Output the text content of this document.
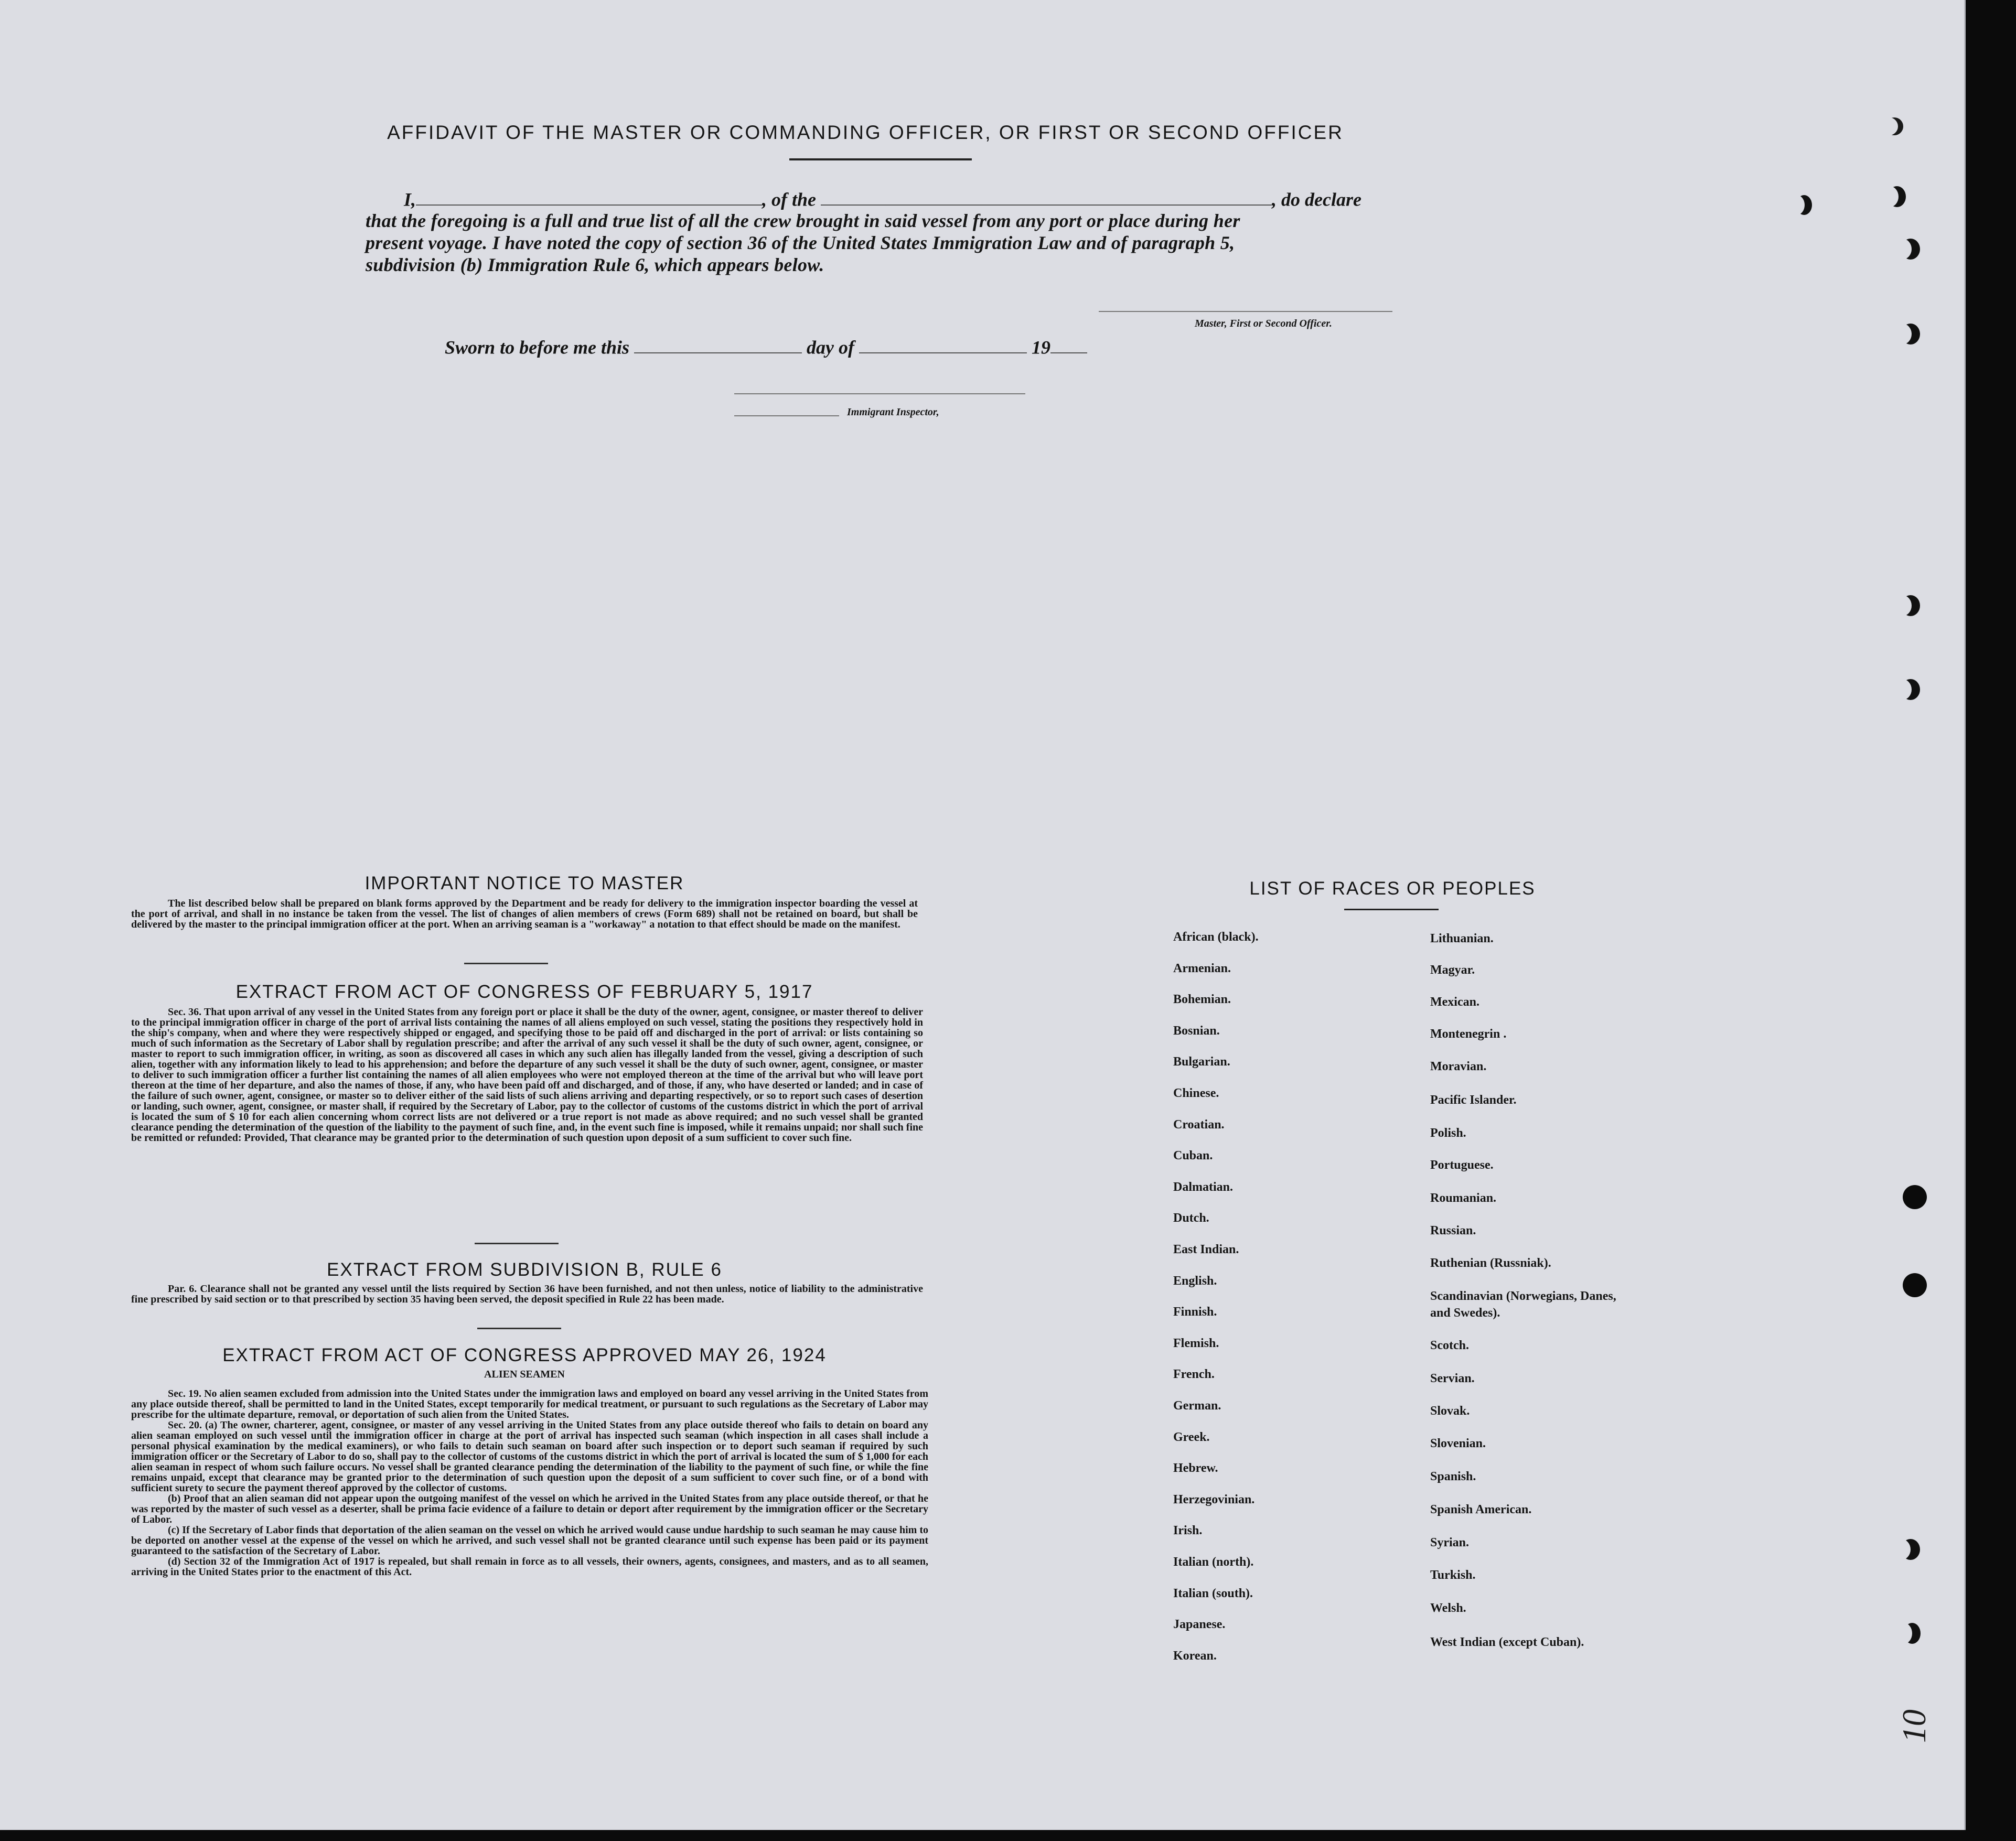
AFFIDAVIT OF THE MASTER OR COMMANDING OFFICER, OR FIRST OR SECOND OFFICER
I,	, of the	, do declare
that the foregoing is a full and true list of all the crew brought in said vessel from any port or place during her
present voyage. I have noted the copy of section 36 of the United States Immigration Law and of paragraph 5,
subdivision (b) Immigration Rule 6, which appears below.
Master, First or Second Officer.
Sworn to before me this	day of	19
Immigrant Inspector,
IMPORTANT NOTICE TO MASTER

The list described below shall be prepared on blank forms approved by the Department and be ready for delivery to the immigration inspector boarding the vessel at the port of arrival, and shall in no instance be taken from the vessel. The list of changes of alien members of crews (Form 689) shall not be retained on board, but shall be delivered by the master to the principal immigration officer at the port. When an arriving seaman is a "workaway" a notation to that effect should be made on the manifest.

EXTRACT FROM ACT OF CONGRESS OF FEBRUARY 5, 1917

Sec. 36. That upon arrival of any vessel in the United States from any foreign port or place it shall be the duty of the owner, agent, consignee, or master thereof to deliver to the principal immigration officer in charge of the port of arrival lists containing the names of all aliens employed on such vessel, stating the positions they respectively hold in the ship's company, when and where they were respectively shipped or engaged, and specifying those to be paid off and discharged in the port of arrival: or lists containing so much of such information as the Secretary of Labor shall by regulation prescribe; and after the arrival of any such vessel it shall be the duty of such owner, agent, consignee, or master to report to such immigration officer, in writing, as soon as discovered all cases in which any such alien has illegally landed from the vessel, giving a description of such alien, together with any information likely to lead to his apprehension; and before the departure of any such vessel it shall be the duty of such owner, agent, consignee, or master to deliver to such immigration officer a further list containing the names of all alien employees who were not employed thereon at the time of the arrival but who will leave port thereon at the time of her departure, and also the names of those, if any, who have been paid off and discharged, and of those, if any, who have deserted or landed; and in case of the failure of such owner, agent, consignee, or master so to deliver either of the said lists of such aliens arriving and departing respectively, or so to report such cases of desertion or landing, such owner, agent, consignee, or master shall, if required by the Secretary of Labor, pay to the collector of customs of the customs district in which the port of arrival is located the sum of $ 10 for each alien concerning whom correct lists are not delivered or a true report is not made as above required; and no such vessel shall be granted clearance pending the determination of the question of the liability to the payment of such fine, and, in the event such fine is imposed, while it remains unpaid; nor shall such fine be remitted or refunded: Provided, That clearance may be granted prior to the determination of such question upon deposit of a sum sufficient to cover such fine.

EXTRACT FROM SUBDIVISION B, RULE 6

Par. 6. Clearance shall not be granted any vessel until the lists required by Section 36 have been furnished, and not then unless, notice of liability to the administrative fine prescribed by said section or to that prescribed by section 35 having been served, the deposit specified in Rule 22 has been made.

EXTRACT FROM ACT OF CONGRESS APPROVED MAY 26, 1924
ALIEN SEAMEN

Sec. 19. No alien seamen excluded from admission into the United States under the immigration laws and employed on board any vessel arriving in the United States from any place outside thereof, shall be permitted to land in the United States, except temporarily for medical treatment, or pursuant to such regulations as the Secretary of Labor may prescribe for the ultimate departure, removal, or deportation of such alien from the United States.

Sec. 20. (a) The owner, charterer, agent, consignee, or master of any vessel arriving in the United States from any place outside thereof who fails to detain on board any alien seaman employed on such vessel until the immigration officer in charge at the port of arrival has inspected such seaman (which inspection in all cases shall include a personal physical examination by the medical examiners), or who fails to detain such seaman on board after such inspection or to deport such seaman if required by such immigration officer or the Secretary of Labor to do so, shall pay to the collector of customs of the customs district in which the port of arrival is located the sum of $ 1,000 for each alien seaman in respect of whom such failure occurs. No vessel shall be granted clearance pending the determination of the liability to the payment of such fine, or while the fine remains unpaid, except that clearance may be granted prior to the determination of such question upon the deposit of a sum sufficient to cover such fine, or of a bond with sufficient surety to secure the payment thereof approved by the collector of customs.

(b) Proof that an alien seaman did not appear upon the outgoing manifest of the vessel on which he arrived in the United States from any place outside thereof, or that he was reported by the master of such vessel as a deserter, shall be prima facie evidence of a failure to detain or deport after requirement by the immigration officer or the Secretary of Labor.

(c) If the Secretary of Labor finds that deportation of the alien seaman on the vessel on which he arrived would cause undue hardship to such seaman he may cause him to be deported on another vessel at the expense of the vessel on which he arrived, and such vessel shall not be granted clearance until such expense has been paid or its payment guaranteed to the satisfaction of the Secretary of Labor.

(d) Section 32 of the Immigration Act of 1917 is repealed, but shall remain in force as to all vessels, their owners, agents, consignees, and masters, and as to all seamen, arriving in the United States prior to the enactment of this Act.

LIST OF RACES OR PEOPLES
African (black).
Armenian.
Bohemian.
Bosnian.
Bulgarian.
Chinese.
Croatian.
Cuban.
Dalmatian.
Dutch.
East Indian.
English.
Finnish.
Flemish.
French.
German.
Greek.
Hebrew.
Herzegovinian.
Irish.
Italian (north).
Italian (south).
Japanese.
Korean.
Lithuanian.
Magyar.
Mexican.
Montenegrin .
Moravian.
Pacific Islander.
Polish.
Portuguese.
Roumanian.
Russian.
Ruthenian (Russniak).
Scandinavian (Norwegians, Danes, and Swedes).
Scotch.
Servian.
Slovak.
Slovenian.
Spanish.
Spanish American.
Syrian.
Turkish.
Welsh.
West Indian (except Cuban).
10
